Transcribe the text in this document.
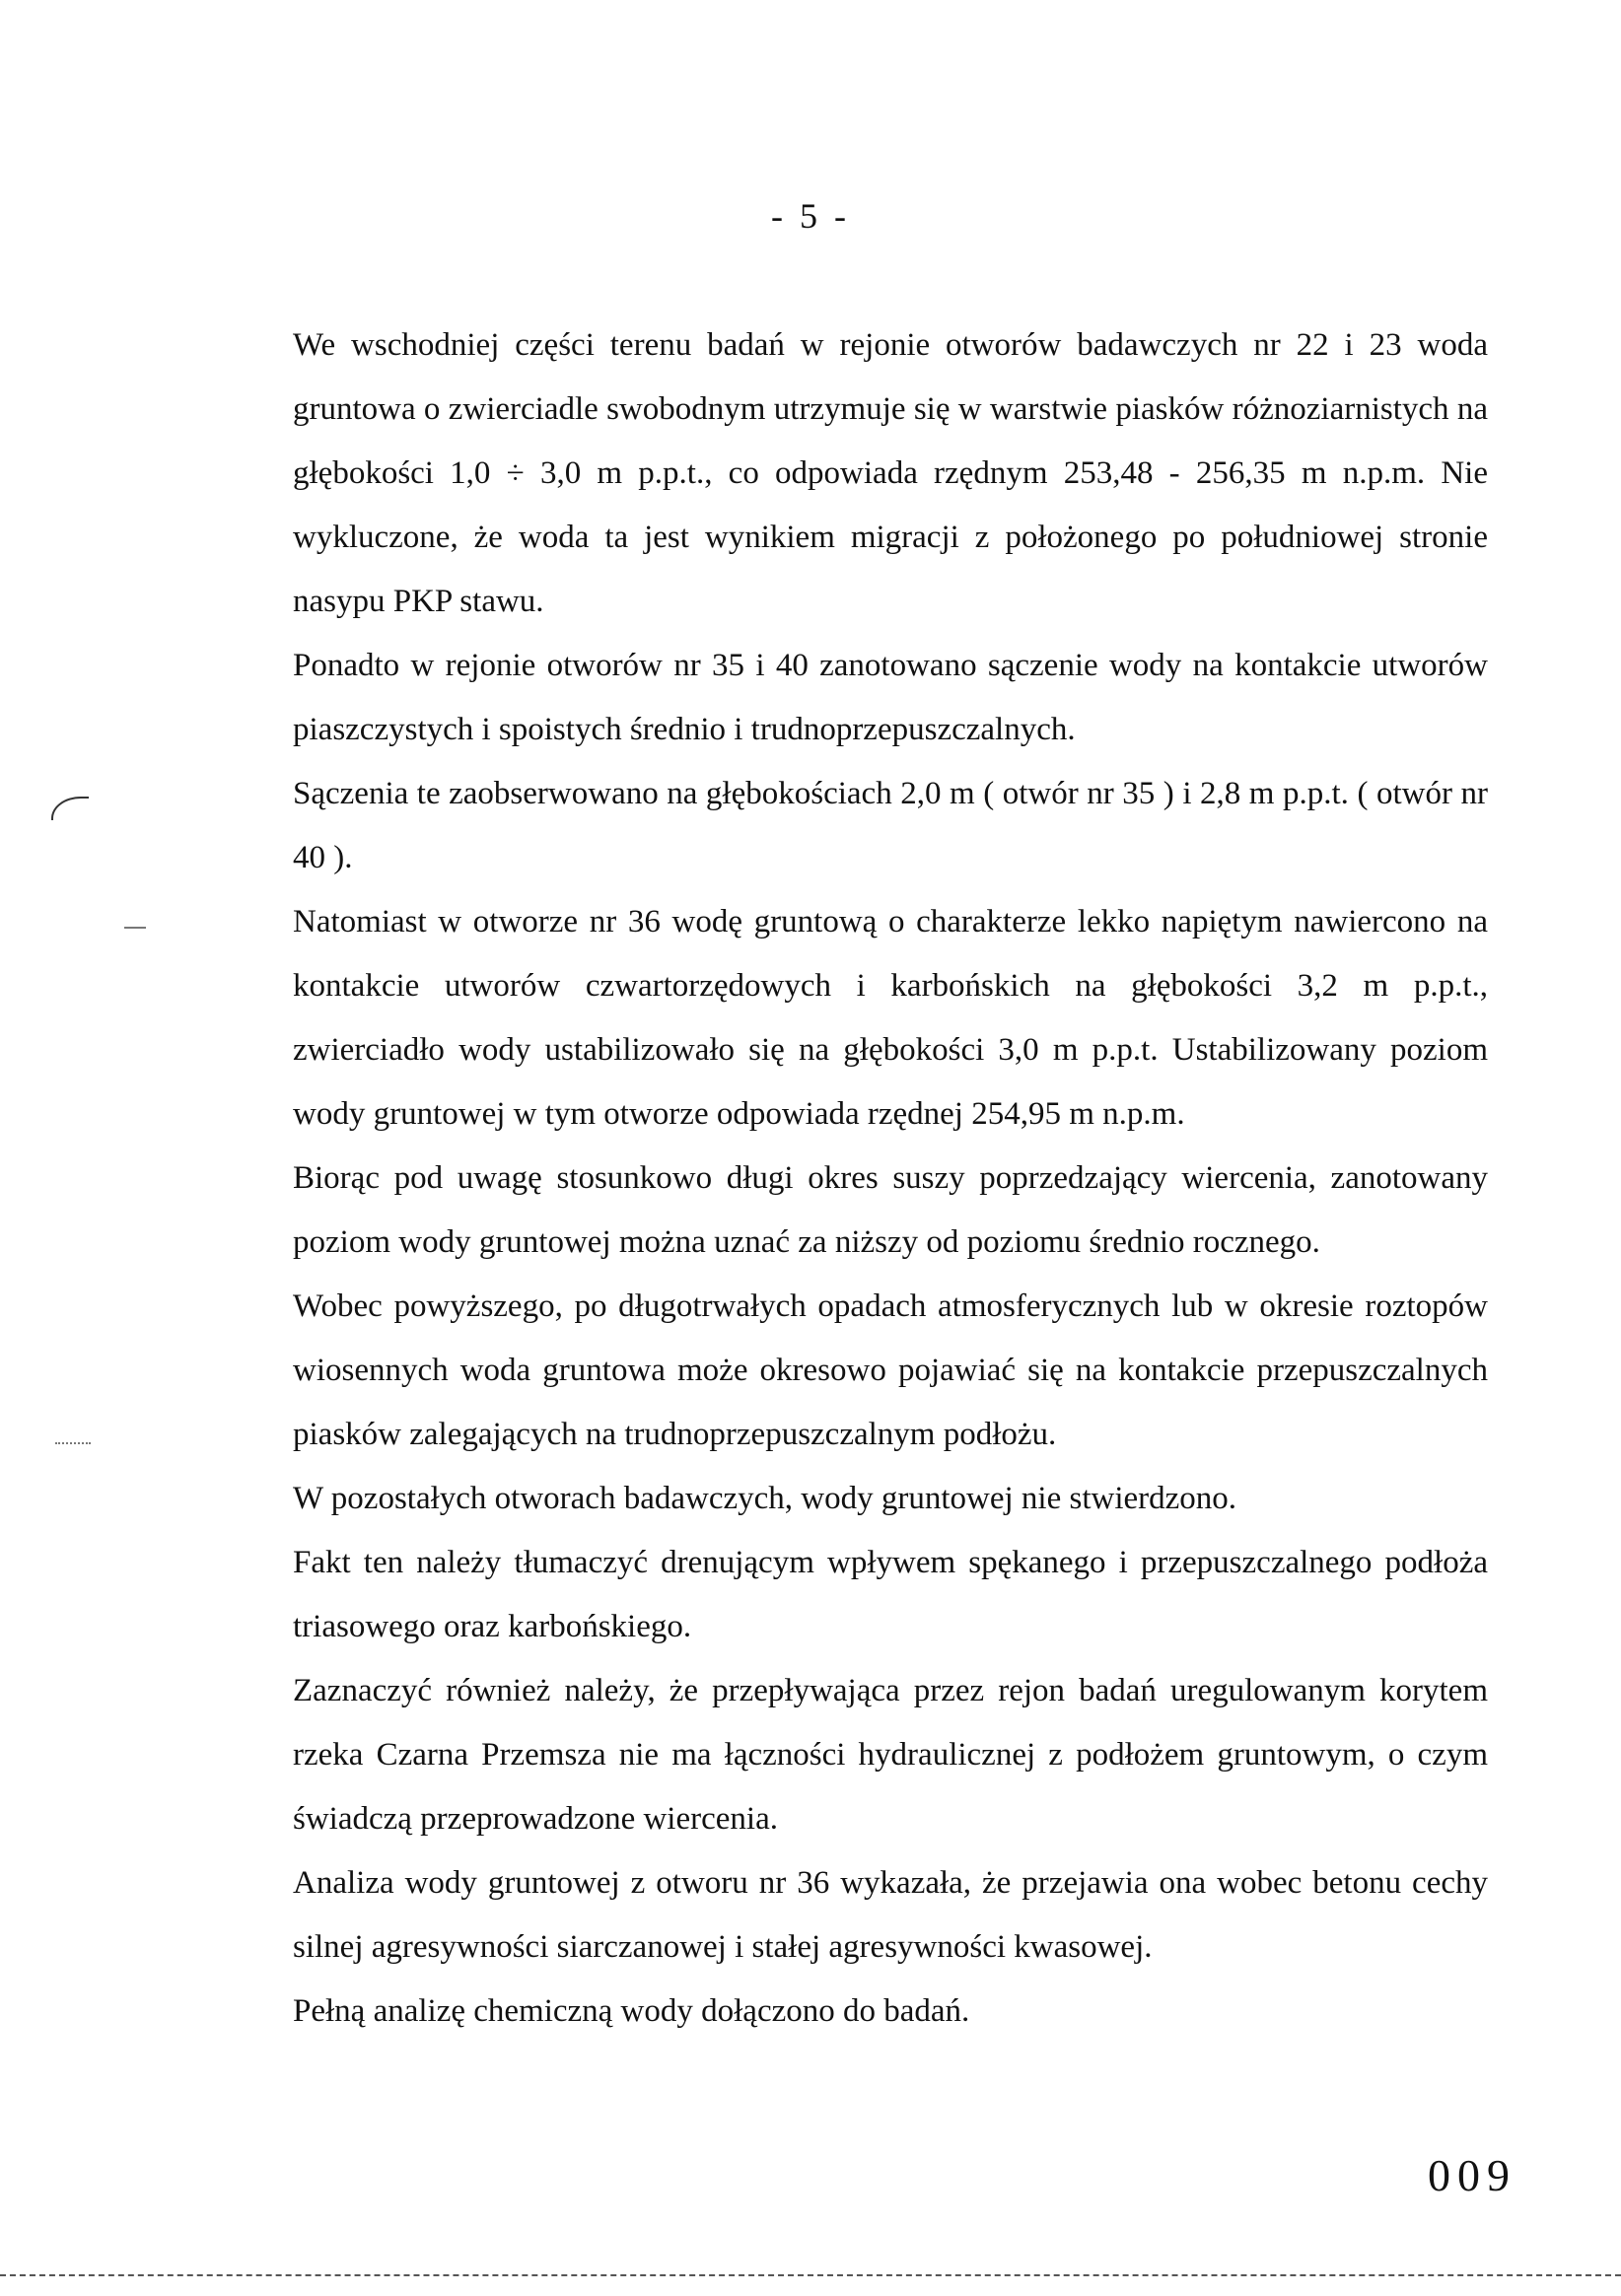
- 5 -

We wschodniej części terenu badań w rejonie otworów badawczych nr 22 i 23 woda gruntowa o zwierciadle swobodnym utrzymuje się w warstwie piasków różnoziarnistych na głębokości 1,0 ÷ 3,0 m p.p.t., co odpowiada rzędnym 253,48 - 256,35 m n.p.m. Nie wykluczone, że woda ta jest wynikiem migracji z położonego po południowej stronie nasypu PKP stawu.

Ponadto w rejonie otworów nr 35 i 40 zanotowano sączenie wody na kontakcie utworów piaszczystych i spoistych średnio i trudnoprzepuszczalnych.

Sączenia te zaobserwowano na głębokościach 2,0 m ( otwór nr 35 ) i 2,8 m p.p.t. ( otwór nr 40 ).

Natomiast w otworze nr 36 wodę gruntową o charakterze lekko napiętym nawiercono na kontakcie utworów czwartorzędowych i karbońskich na głębokości 3,2 m p.p.t., zwierciadło wody ustabilizowało się na głębokości 3,0 m p.p.t. Ustabilizowany poziom wody gruntowej w tym otworze odpowiada rzędnej 254,95 m n.p.m.

Biorąc pod uwagę stosunkowo długi okres suszy poprzedzający wiercenia, zanotowany poziom wody gruntowej można uznać za niższy od poziomu średnio rocznego.

Wobec powyższego, po długotrwałych opadach atmosferycznych lub w okresie roztopów wiosennych woda gruntowa może okresowo pojawiać się na kontakcie przepuszczalnych piasków zalegających na trudnoprzepuszczalnym podłożu.

W pozostałych otworach badawczych, wody gruntowej nie stwierdzono.

Fakt ten należy tłumaczyć drenującym wpływem spękanego i przepuszczalnego podłoża triasowego oraz karbońskiego.

Zaznaczyć również należy, że przepływająca przez rejon badań uregulowanym korytem rzeka Czarna Przemsza nie ma łączności hydraulicznej z podłożem gruntowym, o czym świadczą przeprowadzone wiercenia.

Analiza wody gruntowej z otworu nr 36 wykazała, że przejawia ona wobec betonu cechy silnej agresywności siarczanowej i stałej agresywności kwasowej.

Pełną analizę chemiczną wody dołączono do badań.

009
